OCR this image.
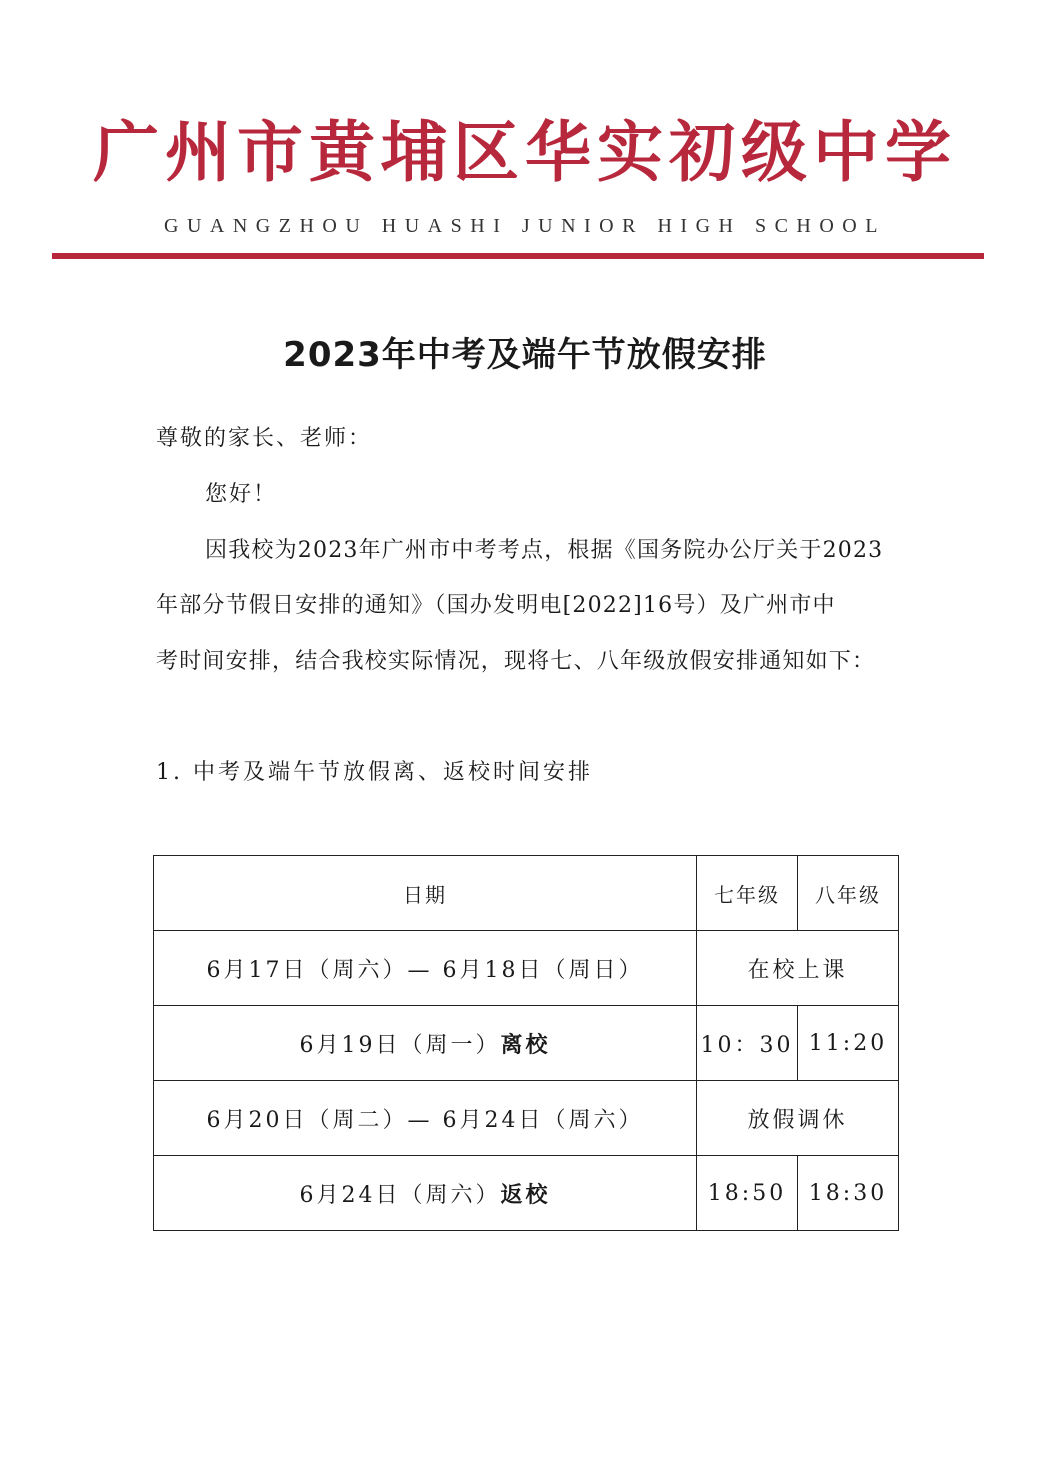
广州市黄埔区华实初级中学
GUANGZHOU HUASHI JUNIOR HIGH SCHOOL
2023年中考及端午节放假安排
尊敬的家长、老师：
您好！
因我校为2023年广州市中考考点，根据《国务院办公厅关于2023
年部分节假日安排的通知》（国办发明电[2022]16号）及广州市中
考时间安排，结合我校实际情况，现将七、八年级放假安排通知如下：
1. 中考及端午节放假离、返校时间安排
日期	七年级	八年级
6月17日（周六）— 6月18日（周日）	在校上课	
6月19日（周一）离校	10：30	11:20
6月20日（周二）— 6月24日（周六）	放假调休	
6月24日（周六）返校	18:50	18:30
